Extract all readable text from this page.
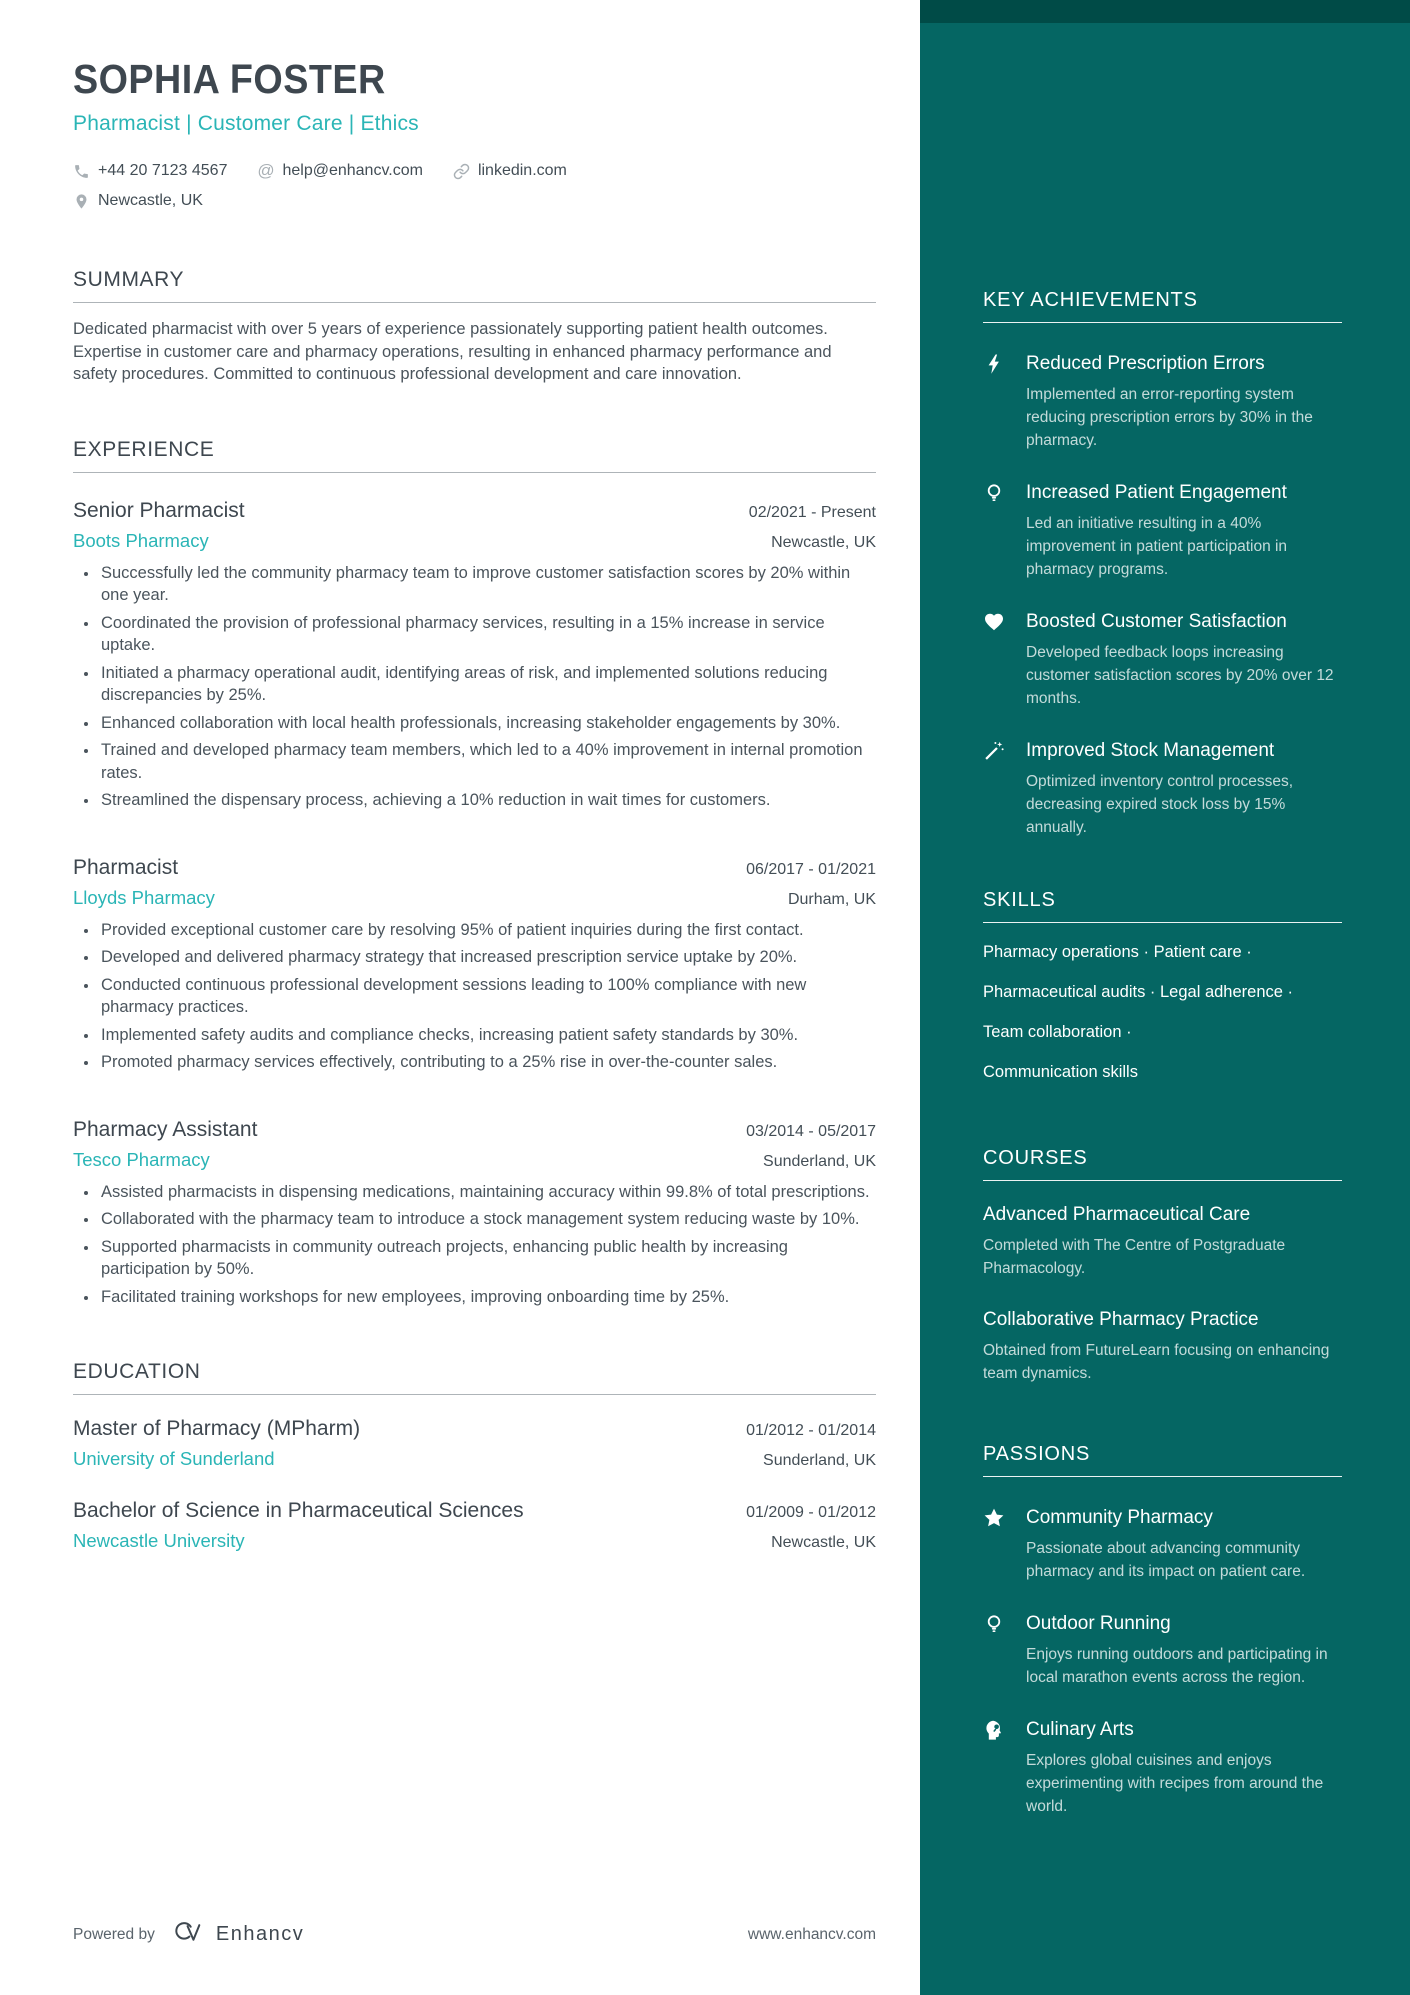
SOPHIA FOSTER
Pharmacist | Customer Care | Ethics
+44 20 7123 4567 @ help@enhancv.com	linkedin.com
Newcastle, UK
SUMMARY
Dedicated pharmacist with over 5 years of experience passionately supporting patient health outcomes. Expertise in customer care and pharmacy operations, resulting in enhanced pharmacy performance and safety procedures. Committed to continuous professional development and care innovation.
EXPERIENCE
Senior Pharmacist	02/2021 - Present
Boots Pharmacy	Newcastle, UK
• Successfully led the community pharmacy team to improve customer satisfaction scores by 20% within one year.
• Coordinated the provision of professional pharmacy services, resulting in a 15% increase in service uptake.
• Initiated a pharmacy operational audit, identifying areas of risk, and implemented solutions reducing discrepancies by 25%.
• Enhanced collaboration with local health professionals, increasing stakeholder engagements by 30%.
• Trained and developed pharmacy team members, which led to a 40% improvement in internal promotion rates.
• Streamlined the dispensary process, achieving a 10% reduction in wait times for customers.
Pharmacist	06/2017 - 01/2021
Lloyds Pharmacy	Durham, UK
• Provided exceptional customer care by resolving 95% of patient inquiries during the first contact.
• Developed and delivered pharmacy strategy that increased prescription service uptake by 20%.
• Conducted continuous professional development sessions leading to 100% compliance with new pharmacy practices.
• Implemented safety audits and compliance checks, increasing patient safety standards by 30%.
• Promoted pharmacy services effectively, contributing to a 25% rise in over-the-counter sales.
Pharmacy Assistant	03/2014 - 05/2017
Tesco Pharmacy	Sunderland, UK
• Assisted pharmacists in dispensing medications, maintaining accuracy within 99.8% of total prescriptions.
• Collaborated with the pharmacy team to introduce a stock management system reducing waste by 10%.
• Supported pharmacists in community outreach projects, enhancing public health by increasing participation by 50%.
• Facilitated training workshops for new employees, improving onboarding time by 25%.
EDUCATION
Master of Pharmacy (MPharm)	01/2012 - 01/2014
University of Sunderland	Sunderland, UK
Bachelor of Science in Pharmaceutical Sciences	01/2009 - 01/2012
Newcastle University	Newcastle, UK
Powered by	Enhancv	www.enhancv.com
KEY ACHIEVEMENTS
Reduced Prescription Errors
Implemented an error-reporting system reducing prescription errors by 30% in the pharmacy.
Increased Patient Engagement
Led an initiative resulting in a 40% improvement in patient participation in pharmacy programs.
Boosted Customer Satisfaction
Developed feedback loops increasing customer satisfaction scores by 20% over 12 months.
Improved Stock Management
Optimized inventory control processes, decreasing expired stock loss by 15% annually.
SKILLS
Pharmacy operations · Patient care ·
Pharmaceutical audits · Legal adherence ·
Team collaboration ·
Communication skills
COURSES
Advanced Pharmaceutical Care
Completed with The Centre of Postgraduate Pharmacology.
Collaborative Pharmacy Practice
Obtained from FutureLearn focusing on enhancing team dynamics.
PASSIONS
Community Pharmacy
Passionate about advancing community pharmacy and its impact on patient care.
Outdoor Running
Enjoys running outdoors and participating in local marathon events across the region.
Culinary Arts
Explores global cuisines and enjoys experimenting with recipes from around the world.
